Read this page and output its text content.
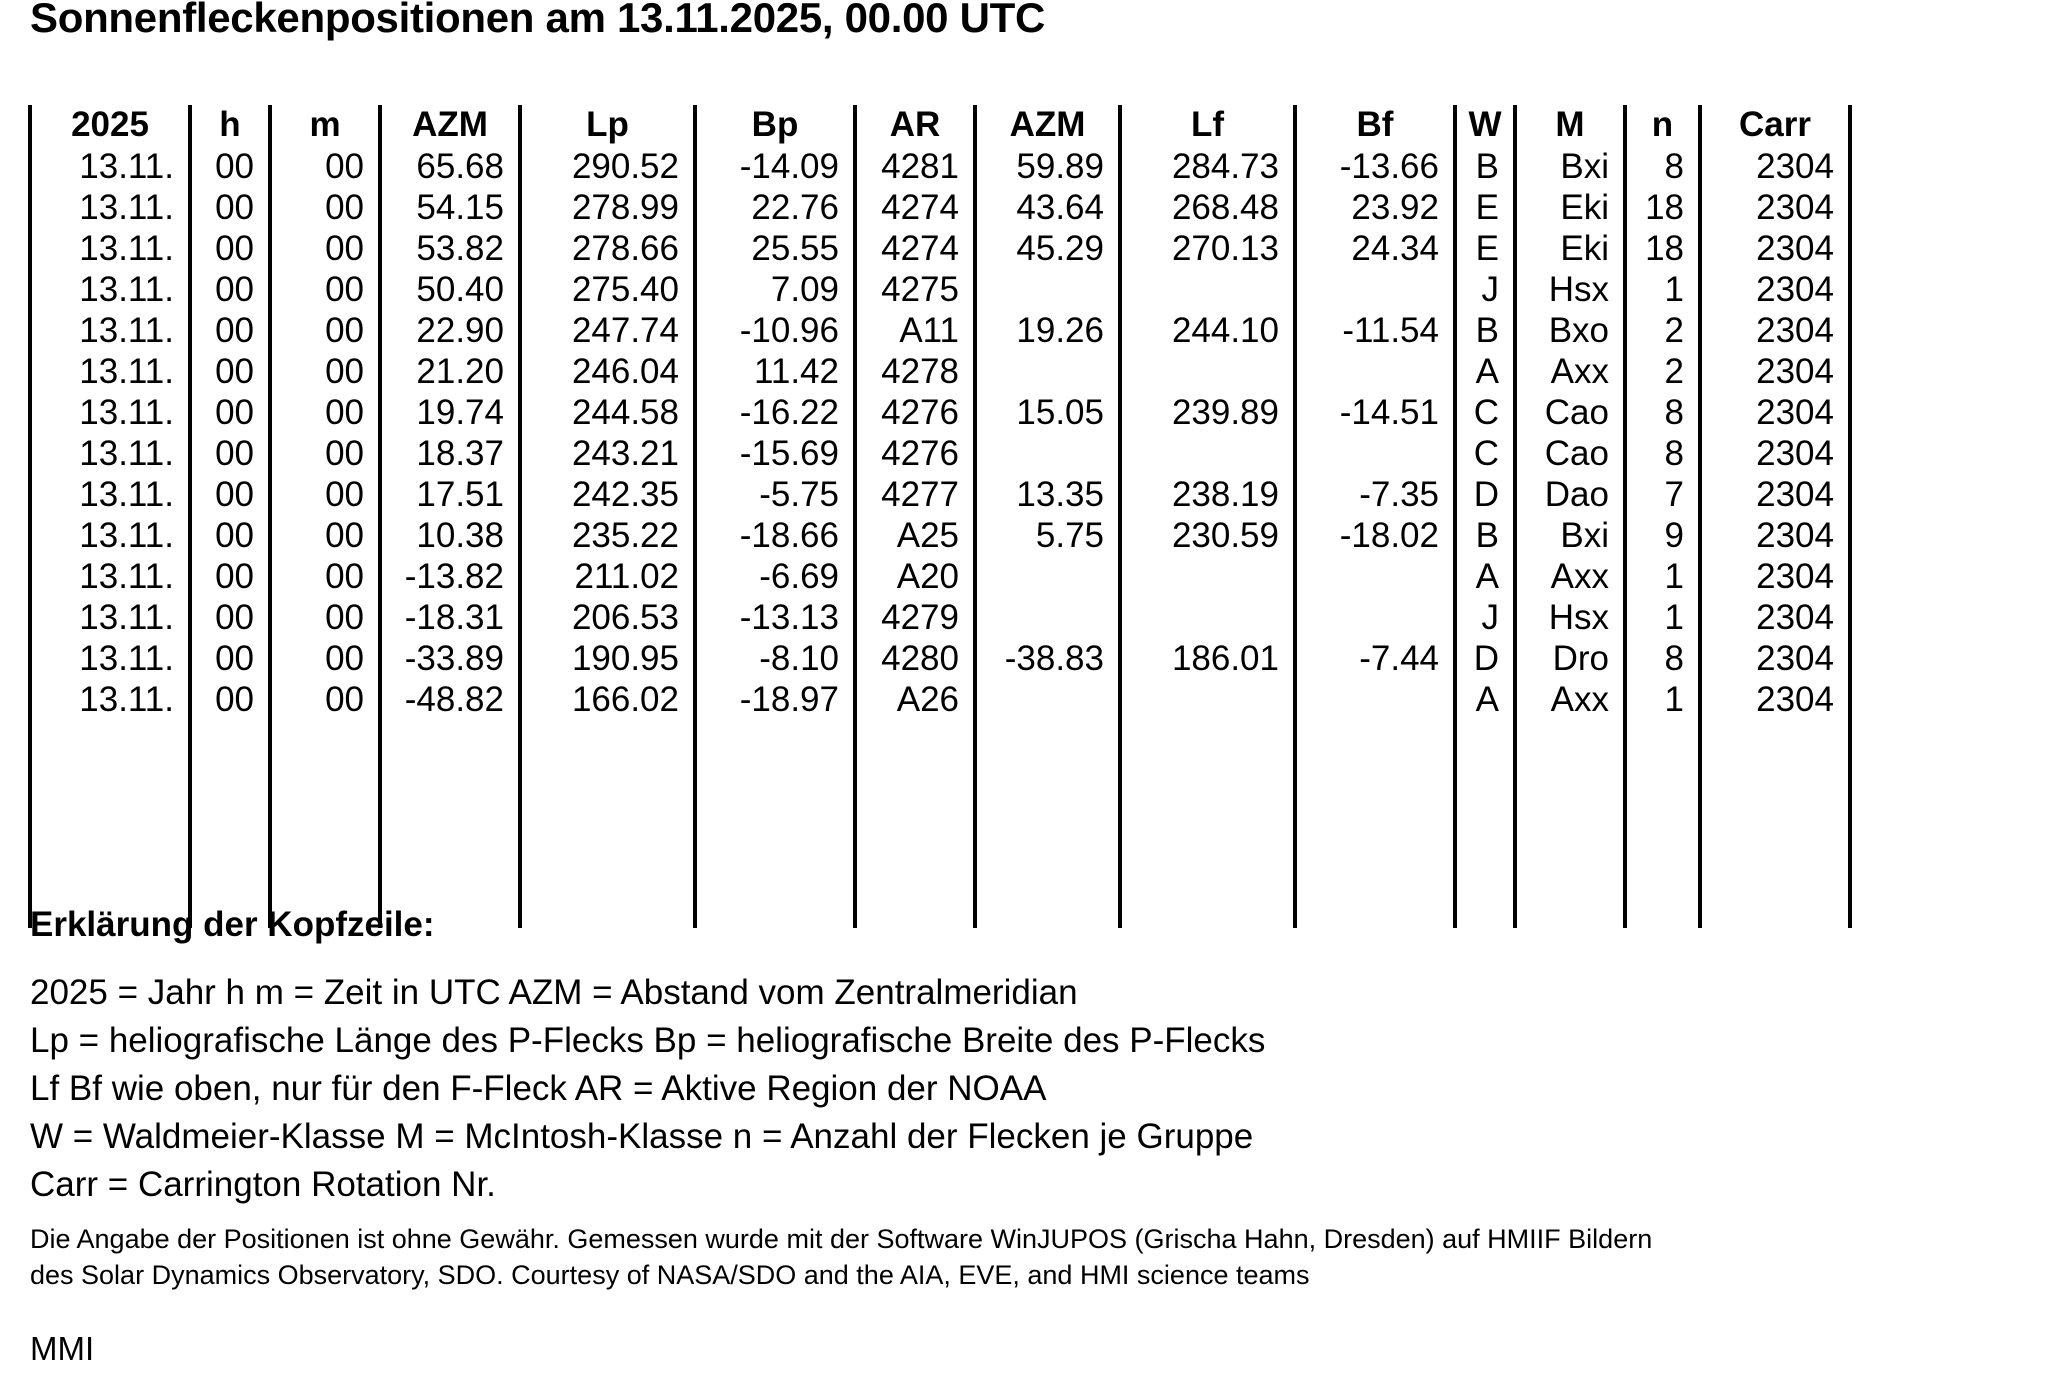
Sonnenfleckenpositionen am 13.11.2025, 00.00 UTC
2025	h	m	AZM	Lp	Bp	AR	AZM	Lf	Bf	W	M	n	Carr
13.11.	00	00	65.68	290.52	-14.09	4281	59.89	284.73	-13.66	B	Bxi	8	2304
13.11.	00	00	54.15	278.99	22.76	4274	43.64	268.48	23.92	E	Eki	18	2304
13.11.	00	00	53.82	278.66	25.55	4274	45.29	270.13	24.34	E	Eki	18	2304
13.11.	00	00	50.40	275.40	7.09	4275				J	Hsx	1	2304
13.11.	00	00	22.90	247.74	-10.96	A11	19.26	244.10	-11.54	B	Bxo	2	2304
13.11.	00	00	21.20	246.04	11.42	4278				A	Axx	2	2304
13.11.	00	00	19.74	244.58	-16.22	4276	15.05	239.89	-14.51	C	Cao	8	2304
13.11.	00	00	18.37	243.21	-15.69	4276				C	Cao	8	2304
13.11.	00	00	17.51	242.35	-5.75	4277	13.35	238.19	-7.35	D	Dao	7	2304
13.11.	00	00	10.38	235.22	-18.66	A25	5.75	230.59	-18.02	B	Bxi	9	2304
13.11.	00	00	-13.82	211.02	-6.69	A20				A	Axx	1	2304
13.11.	00	00	-18.31	206.53	-13.13	4279				J	Hsx	1	2304
13.11.	00	00	-33.89	190.95	-8.10	4280	-38.83	186.01	-7.44	D	Dro	8	2304
13.11.	00	00	-48.82	166.02	-18.97	A26				A	Axx	1	2304

Erklärung der Kopfzeile:
2025 = Jahr h m = Zeit in UTC AZM = Abstand vom Zentralmeridian
Lp = heliografische Länge des P-Flecks Bp = heliografische Breite des P-Flecks
Lf Bf wie oben, nur für den F-Fleck AR = Aktive Region der NOAA
W = Waldmeier-Klasse M = McIntosh-Klasse n = Anzahl der Flecken je Gruppe
Carr = Carrington Rotation Nr.

Die Angabe der Positionen ist ohne Gewähr. Gemessen wurde mit der Software WinJUPOS (Grischa Hahn, Dresden) auf HMIIF Bildern

des Solar Dynamics Observatory, SDO. Courtesy of NASA/SDO and the AIA, EVE, and HMI science teams

MMI
